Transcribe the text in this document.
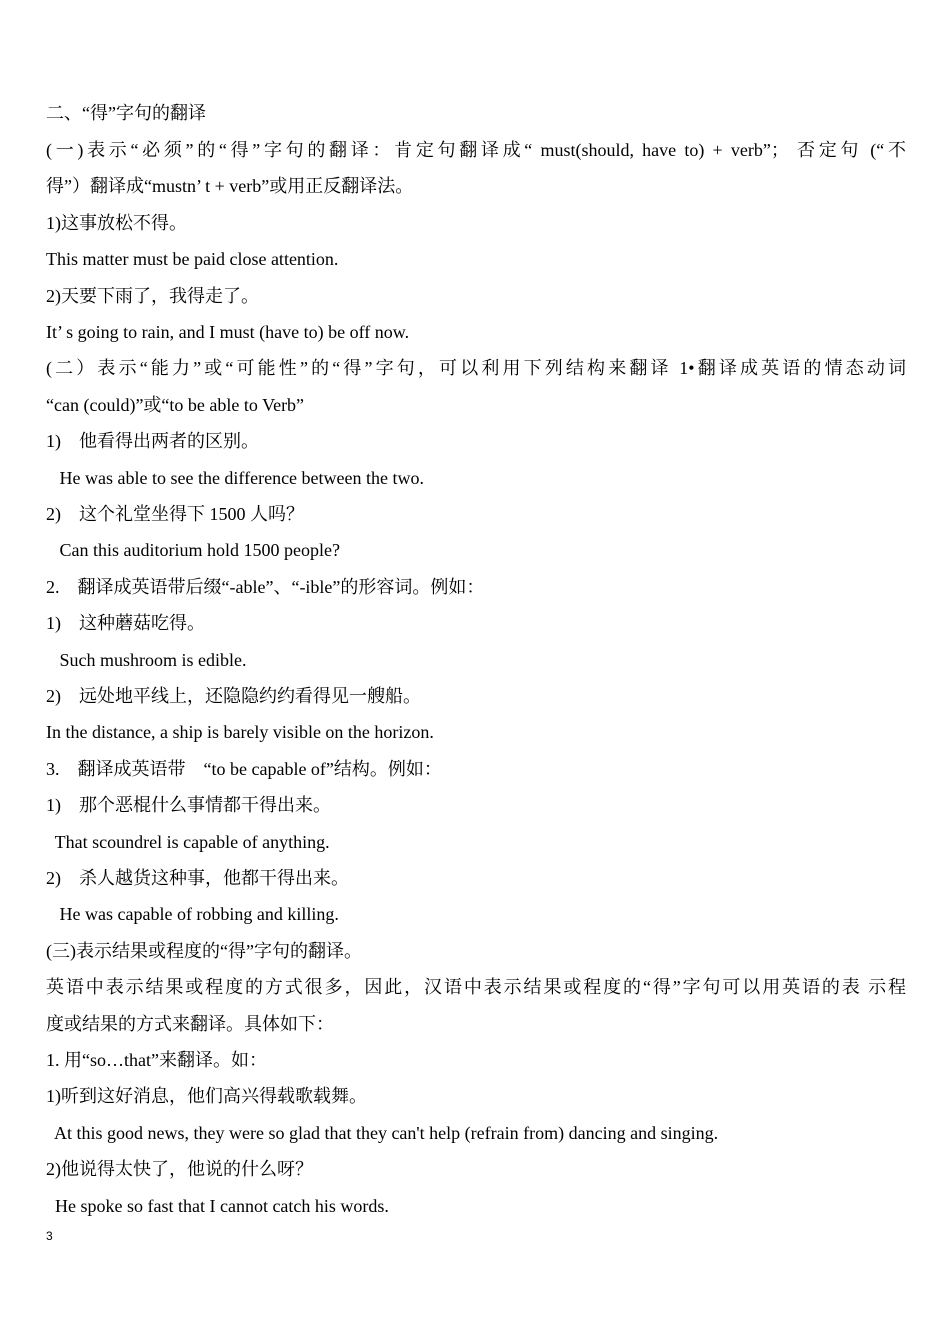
二、“得”字句的翻译
(一)表示“必须”的“得”字句的翻译：肯定句翻译成“ must(should, have to) + verb”； 否定句 (“不
得”）翻译成“mustn’ t + verb”或用正反翻译法。
1)这事放松不得。
This matter must be paid close attention.
2)天要下雨了，我得走了。
It’ s going to rain, and I must (have to) be off now.
(二）表示“能力”或“可能性”的“得”字句，可以利用下列结构来翻译 1•翻译成英语的情态动词
“can (could)”或“to be able to Verb”
1)    他看得出两者的区别。
He was able to see the difference between the two.
2)    这个礼堂坐得下 1500 人吗？
Can this auditorium hold 1500 people?
2.    翻译成英语带后缀“-able”、“-ible”的形容词。例如：
1)    这种蘑菇吃得。
Such mushroom is edible.
2)    远处地平线上，还隐隐约约看得见一艘船。
In the distance, a ship is barely visible on the horizon.
3.    翻译成英语带    “to be capable of”结构。例如：
1)    那个恶棍什么事情都干得出来。
That scoundrel is capable of anything.
2)    杀人越货这种事，他都干得出来。
He was capable of robbing and killing.
(三)表示结果或程度的“得”字句的翻译。
英语中表示结果或程度的方式很多，因此，汉语中表示结果或程度的“得”字句可以用英语的表 示程
度或结果的方式来翻译。具体如下：
1. 用“so…that”来翻译。如：
1)听到这好消息，他们高兴得载歌载舞。
At this good news, they were so glad that they can't help (refrain from) dancing and singing.
2)他说得太快了，他说的什么呀？
He spoke so fast that I cannot catch his words.
3
